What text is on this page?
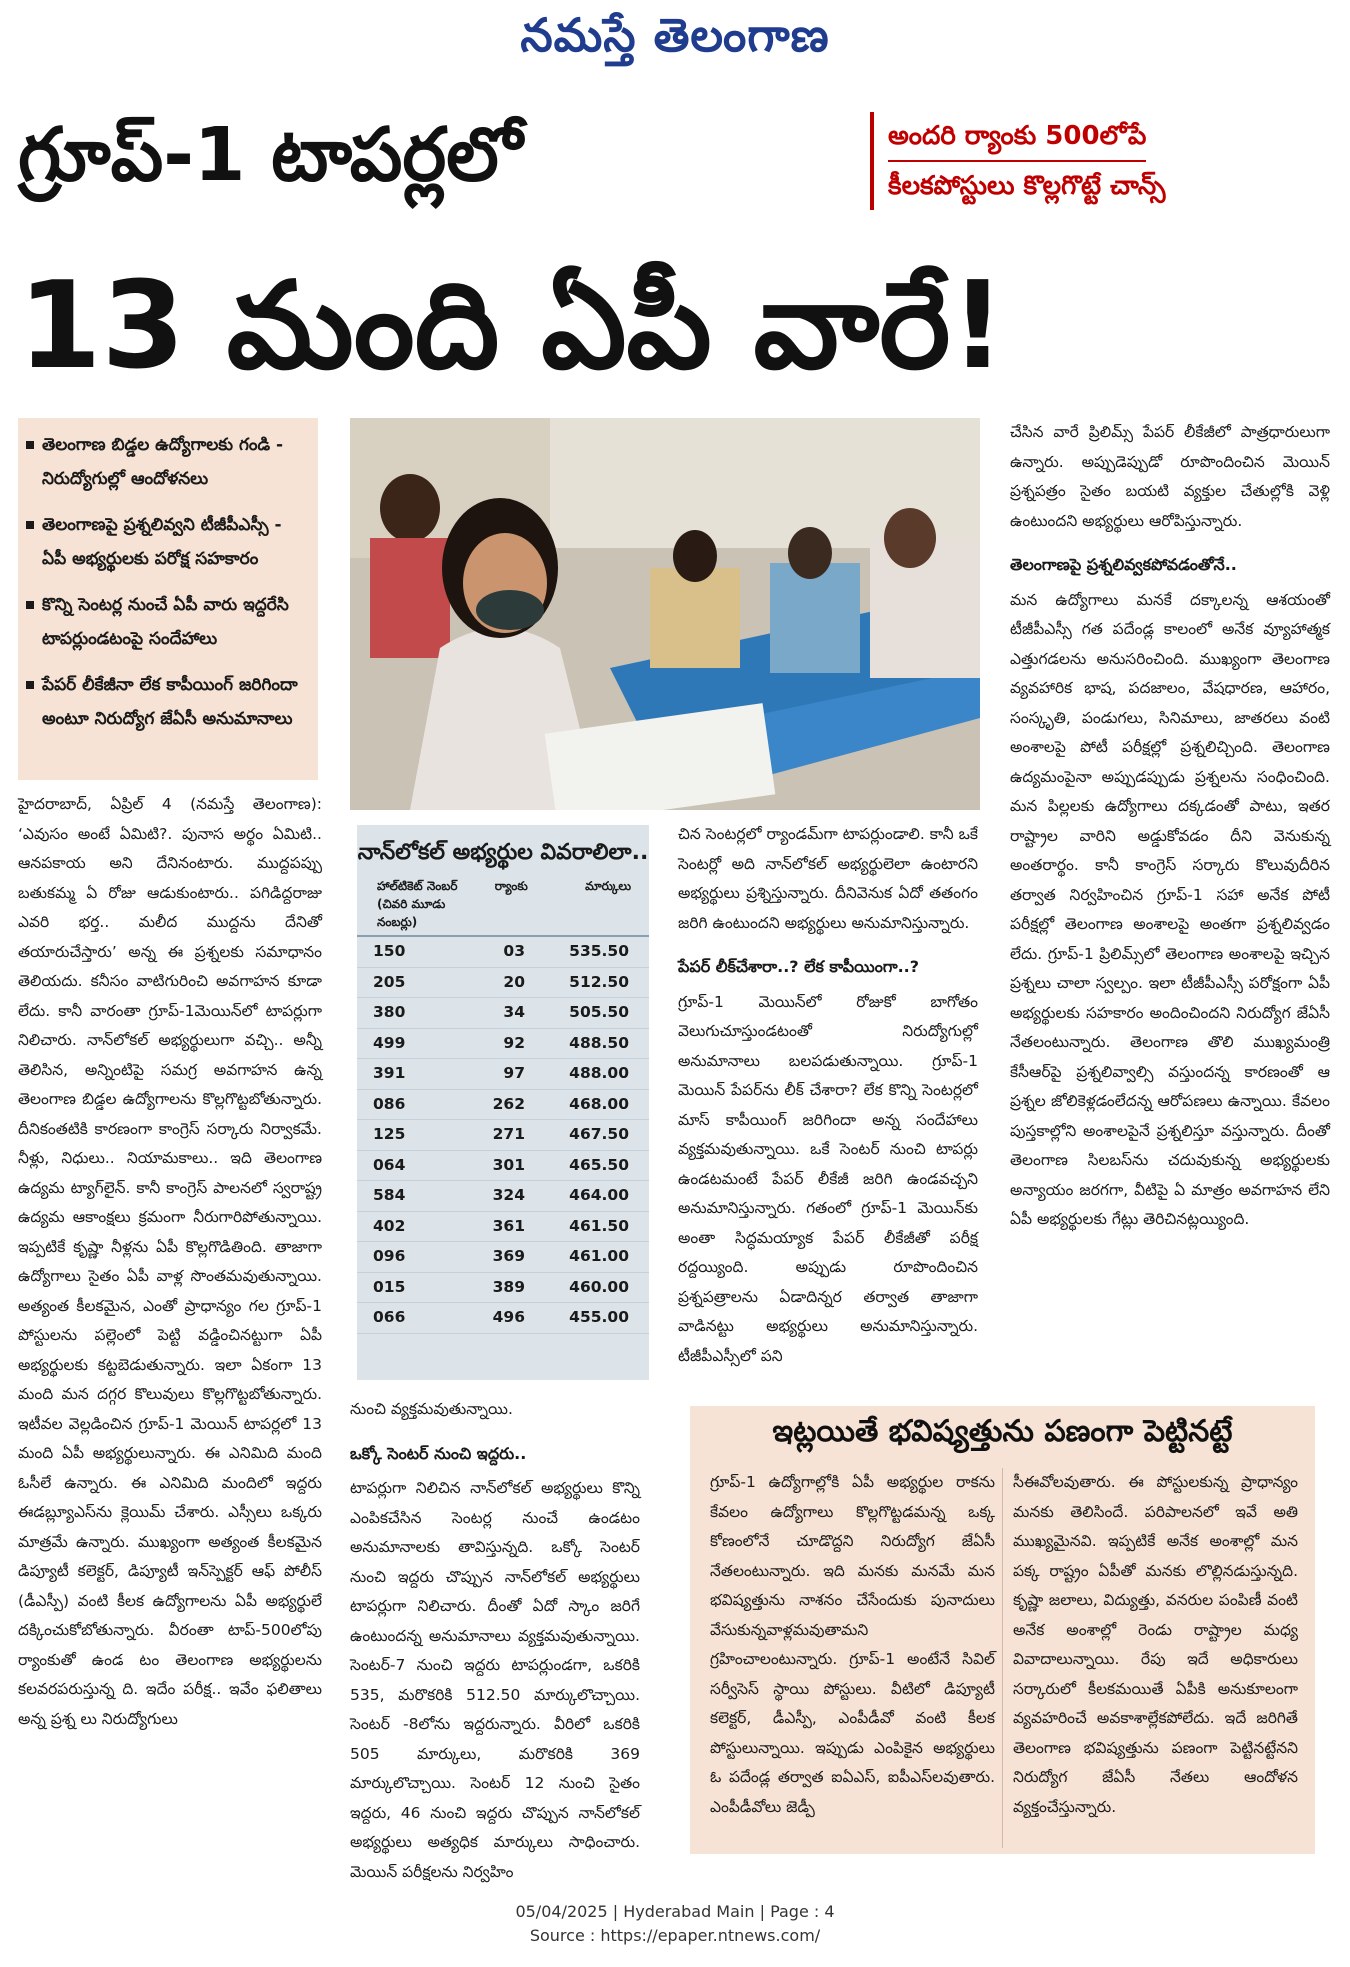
నమస్తే తెలంగాణ
గ్రూప్-1 టాపర్లలో
13 మంది ఏపీ వారే!
అందరి ర్యాంకు 500లోపే

కీలకపోస్టులు కొల్లగొట్టే చాన్స్
తెలంగాణ బిడ్డల ఉద్యోగాలకు గండి - నిరుద్యోగుల్లో ఆందోళనలు
తెలంగాణపై ప్రశ్నలివ్వని టీజీపీఎస్సీ - ఏపీ అభ్యర్థులకు పరోక్ష సహకారం
కొన్ని సెంటర్ల నుంచే ఏపీ వారు ఇద్దరేసి టాపర్లుండటంపై సందేహాలు
పేపర్ లీకేజీనా లేక కాపీయింగ్ జరిగిందా అంటూ నిరుద్యోగ జేఏసీ అనుమానాలు
హైదరాబాద్, ఏప్రిల్ 4 (నమస్తే తెలంగాణ): ‘ఎవుసం అంటే ఏమిటి?. పునాస అర్థం ఏమిటి.. ఆనపకాయ అని దేనినంటారు. ముద్దపప్పు బతుకమ్మ ఏ రోజు ఆడుకుంటారు.. పగిడిద్దరాజు ఎవరి భర్త.. మలీద ముద్దను దేనితో తయారుచేస్తారు’ అన్న ఈ ప్రశ్నలకు సమాధానం తెలియదు. కనీసం వాటిగురించి అవగాహన కూడా లేదు. కానీ వారంతా గ్రూప్-1మెయిన్‌లో టాపర్లుగా నిలిచారు. నాన్‌లోకల్ అభ్యర్థులుగా వచ్చి.. అన్నీ తెలిసిన, అన్నింటిపై సమగ్ర అవగాహన ఉన్న తెలంగాణ బిడ్డల ఉద్యోగాలను కొల్లగొట్టబోతున్నారు. దీనికంతటికి కారణంగా కాంగ్రెస్ సర్కారు నిర్వాకమే. నీళ్లు, నిధులు.. నియామకాలు.. ఇది తెలంగాణ ఉద్యమ ట్యాగ్‌లైన్. కానీ కాంగ్రెస్ పాలనలో స్వరాష్ట్ర ఉద్యమ ఆకాంక్షలు క్రమంగా నీరుగారిపోతున్నాయి. ఇప్పటికే కృష్ణా నీళ్లను ఏపీ కొల్లగొడితింది. తాజాగా ఉద్యోగాలు సైతం ఏపీ వాళ్ల సొంతమవుతున్నాయి. అత్యంత కీలకమైన, ఎంతో ప్రాధాన్యం గల గ్రూప్-1 పోస్టులను పల్లెంలో పెట్టి వడ్డించినట్టుగా ఏపీ అభ్యర్థులకు కట్టబెడుతున్నారు. ఇలా ఏకంగా 13 మంది మన దగ్గర కొలువులు కొల్లగొట్టబోతున్నారు. ఇటీవల వెల్లడించిన గ్రూప్-1 మెయిన్ టాపర్లలో 13 మంది ఏపీ అభ్యర్థులున్నారు. ఈ ఎనిమిది మంది ఓసీలే ఉన్నారు. ఈ ఎనిమిది మందిలో ఇద్దరు ఈడబ్ల్యూఎస్‌ను క్లెయిమ్ చేశారు. ఎస్సీలు ఒక్కరు మాత్రమే ఉన్నారు. ముఖ్యంగా అత్యంత కీలకమైన డిప్యూటీ కలెక్టర్, డిప్యూటీ ఇన్‌స్పెక్టర్ ఆఫ్ పోలీస్ (డీఎస్పీ) వంటి కీలక ఉద్యోగాలను ఏపీ అభ్యర్థులే దక్కించుకోబోతున్నారు. వీరంతా టాప్-500లోపు ర్యాంకుతో ఉండ టం తెలంగాణ అభ్యర్థులను కలవరపరుస్తున్న ది. ఇదేం పరీక్ష.. ఇవేం ఫలితాలు అన్న ప్రశ్న లు నిరుద్యోగులు
నాన్‌లోకల్ అభ్యర్థుల వివరాలిలా..
హాల్‌టికెట్ నెంబర్ (చివరి మూడు నంబర్లు)
ర్యాంకు	మార్కులు
150	03	535.50
205	20	512.50
380	34	505.50
499	92	488.50
391	97	488.00
086	262	468.00
125	271	467.50
064	301	465.50
584	324	464.00
402	361	461.50
096	369	461.00
015	389	460.00
066	496	455.00
నుంచి వ్యక్తమవుతున్నాయి.
ఒక్కో సెంటర్ నుంచి ఇద్దరు..
టాపర్లుగా నిలిచిన నాన్‌లోకల్ అభ్యర్థులు కొన్ని ఎంపికచేసిన సెంటర్ల నుంచే ఉండటం అనుమానాలకు తావిస్తున్నది. ఒక్కో సెంటర్ నుంచి ఇద్దరు చొప్పున నాన్‌లోకల్ అభ్యర్థులు టాపర్లుగా నిలిచారు. దీంతో ఏదో స్కాం జరిగే ఉంటుందన్న అనుమానాలు వ్యక్తమవుతున్నాయి. సెంటర్-7 నుంచి ఇద్దరు టాపర్లుండగా, ఒకరికి 535, మరొకరికి 512.50 మార్కులొచ్చాయి. సెంటర్ -8లోను ఇద్దరున్నారు. వీరిలో ఒకరికి 505 మార్కులు, మరొకరికి 369 మార్కులొచ్చాయి. సెంటర్ 12 నుంచి సైతం ఇద్దరు, 46 నుంచి ఇద్దరు చొప్పున నాన్‌లోకల్ అభ్యర్థులు అత్యధిక మార్కులు సాధించారు. మెయిన్ పరీక్షలను నిర్వహిం
చిన సెంటర్లలో ర్యాండమ్‌గా టాపర్లుండాలి. కానీ ఒకే సెంటర్లో అది నాన్‌లోకల్ అభ్యర్థులెలా ఉంటారని అభ్యర్థులు ప్రశ్నిస్తున్నారు. దీనివెనుక ఏదో తతంగం జరిగి ఉంటుందని అభ్యర్థులు అనుమానిస్తున్నారు.
పేపర్ లీక్‌చేశారా..? లేక కాపీయింగా..?
గ్రూప్-1 మెయిన్‌లో రోజుకో బాగోతం వెలుగుచూస్తుండటంతో నిరుద్యోగుల్లో అనుమానాలు బలపడుతున్నాయి. గ్రూప్-1 మెయిన్ పేపర్‌ను లీక్ చేశారా? లేక కొన్ని సెంటర్లలో మాస్ కాపీయింగ్ జరిగిందా అన్న సందేహాలు వ్యక్తమవుతున్నాయి. ఒకే సెంటర్ నుంచి టాపర్లు ఉండటమంటే పేపర్ లీకేజీ జరిగి ఉండవచ్చని అనుమానిస్తున్నారు. గతంలో గ్రూప్-1 మెయిన్‌కు అంతా సిద్ధమయ్యాక పేపర్ లీకేజీతో పరీక్ష రద్దయ్యింది. అప్పుడు రూపొందించిన ప్రశ్నపత్రాలను ఏడాదిన్నర తర్వాత తాజాగా వాడినట్టు అభ్యర్థులు అనుమానిస్తున్నారు. టీజీపీఎస్సీలో పని
చేసిన వారే ప్రిలిమ్స్ పేపర్ లీకేజీలో పాత్రధారులుగా ఉన్నారు. అప్పుడెప్పుడో రూపొందించిన మెయిన్ ప్రశ్నపత్రం సైతం బయటి వ్యక్తుల చేతుల్లోకి వెళ్లి ఉంటుందని అభ్యర్థులు ఆరోపిస్తున్నారు.
తెలంగాణపై ప్రశ్నలివ్వకపోవడంతోనే..
మన ఉద్యోగాలు మనకే దక్కాలన్న ఆశయంతో టీజీపీఎస్సీ గత పదేండ్ల కాలంలో అనేక వ్యూహాత్మక ఎత్తుగడలను అనుసరించింది. ముఖ్యంగా తెలంగాణ వ్యవహారిక భాష, పదజాలం, వేషధారణ, ఆహారం, సంస్కృతి, పండుగలు, సినిమాలు, జాతరలు వంటి అంశాలపై పోటీ పరీక్షల్లో ప్రశ్నలిచ్చింది. తెలంగాణ ఉద్యమంపైనా అప్పుడప్పుడు ప్రశ్నలను సంధించింది. మన పిల్లలకు ఉద్యోగాలు దక్కడంతో పాటు, ఇతర రాష్ట్రాల వారిని అడ్డుకోవడం దీని వెనుకున్న అంతరార్థం. కానీ కాంగ్రెస్ సర్కారు కొలువుదీరిన తర్వాత నిర్వహించిన గ్రూప్-1 సహా అనేక పోటీ పరీక్షల్లో తెలంగాణ అంశాలపై అంతగా ప్రశ్నలివ్వడం లేదు. గ్రూప్-1 ప్రిలిమ్స్‌లో తెలంగాణ అంశాలపై ఇచ్చిన ప్రశ్నలు చాలా స్వల్పం. ఇలా టీజీపీఎస్సీ పరోక్షంగా ఏపీ అభ్యర్థులకు సహకారం అందించిందని నిరుద్యోగ జేఏసీ నేతలంటున్నారు. తెలంగాణ తొలి ముఖ్యమంత్రి కేసీఆర్‌పై ప్రశ్నలివ్వాల్సి వస్తుందన్న కారణంతో ఆ ప్రశ్నల జోలికెళ్లడంలేదన్న ఆరోపణలు ఉన్నాయి. కేవలం పుస్తకాల్లోని అంశాలపైనే ప్రశ్నలిస్తూ వస్తున్నారు. దీంతో తెలంగాణ సిలబస్‌ను చదువుకున్న అభ్యర్థులకు అన్యాయం జరగగా, వీటిపై ఏ మాత్రం అవగాహన లేని ఏపీ అభ్యర్థులకు గేట్లు తెరిచినట్లయ్యింది.
ఇట్లయితే భవిష్యత్తును పణంగా పెట్టినట్టే
గ్రూప్-1 ఉద్యోగాల్లోకి ఏపీ అభ్యర్థుల రాకను కేవలం ఉద్యోగాలు కొల్లగొట్టడమన్న ఒక్క కోణంలోనే చూడొద్దని నిరుద్యోగ జేఏసీ నేతలంటున్నారు. ఇది మనకు మనమే మన భవిష్యత్తును నాశనం చేసేందుకు పునాదులు వేసుకున్నవాళ్లమవుతామని గ్రహించాలంటున్నారు. గ్రూప్-1 అంటేనే సివిల్ సర్వీసెస్ స్థాయి పోస్టులు. వీటిలో డిప్యూటీ కలెక్టర్, డీఎస్పీ, ఎంపీడీవో వంటి కీలక పోస్టులున్నాయి. ఇప్పుడు ఎంపికైన అభ్యర్థులు ఓ పదేండ్ల తర్వాత ఐఏఎస్, ఐపీఎస్‌లవుతారు. ఎంపీడీవోలు జెడ్పీ
సీఈవోలవుతారు. ఈ పోస్టులకున్న ప్రాధాన్యం మనకు తెలిసిందే. పరిపాలనలో ఇవే అతి ముఖ్యమైనవి. ఇప్పటికే అనేక అంశాల్లో మన పక్క రాష్ట్రం ఏపీతో మనకు లొల్లినడుస్తున్నది. కృష్ణా జలాలు, విద్యుత్తు, వనరుల పంపిణీ వంటి అనేక అంశాల్లో రెండు రాష్ట్రాల మధ్య వివాదాలున్నాయి. రేపు ఇదే అధికారులు సర్కారులో కీలకమయితే ఏపీకి అనుకూలంగా వ్యవహరించే అవకాశాల్లేకపోలేదు. ఇదే జరిగితే తెలంగాణ భవిష్యత్తును పణంగా పెట్టినట్టేనని నిరుద్యోగ జేఏసీ నేతలు ఆందోళన వ్యక్తంచేస్తున్నారు.
05/04/2025 | Hyderabad Main | Page : 4
Source : https://epaper.ntnews.com/
